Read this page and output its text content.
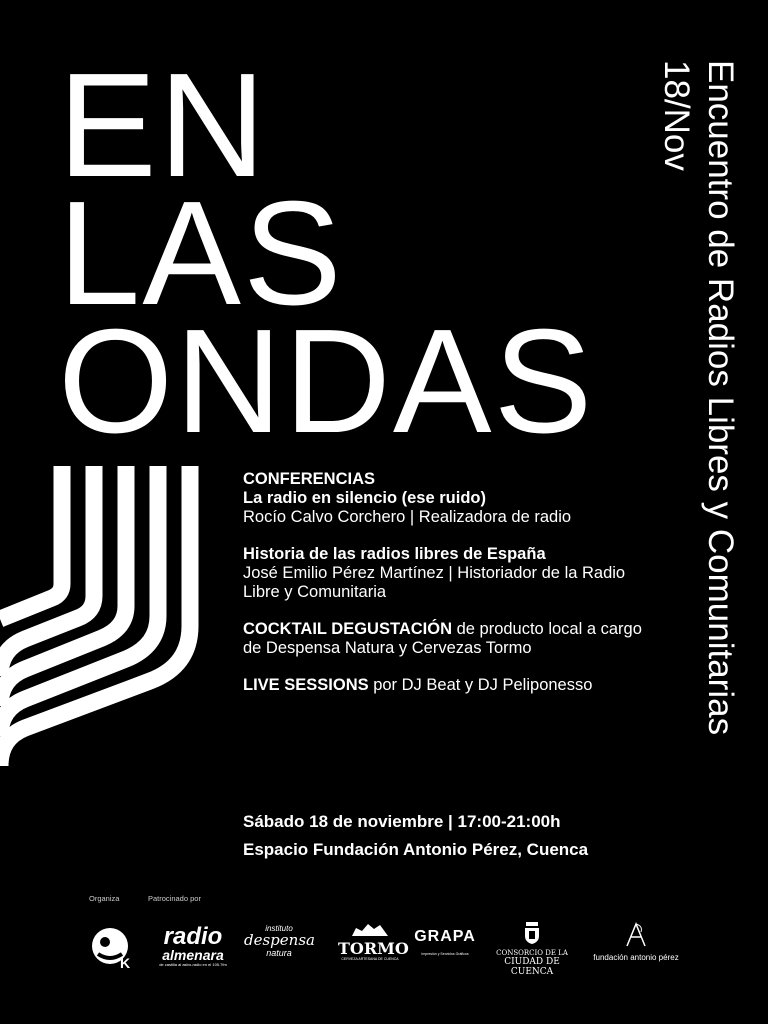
EN
LAS
ONDAS	Encuentro de Radios Libres y Comunitarias
18/Nov
CONFERENCIAS
La radio en silencio (ese ruido)
Rocío Calvo Corchero | Realizadora de radio
Historia de las radios libres de España
José Emilio Pérez Martínez | Historiador de la Radio Libre y Comunitaria
COCKTAIL DEGUSTACIÓN de producto local a cargo de Despensa Natura y Cervezas Tormo
LIVE SESSIONS por DJ Beat y DJ Peliponesso
Sábado 18 de noviembre | 17:00-21:00h
Espacio Fundación Antonio Pérez, Cuenca
Organiza	Patrocinado por
K
radio
almenara
de castilla al astro-radio en el 105.7fm
instituto
despensa
natura	TORMO
CERVEZA ARTESANA DE CUENCA
GRAPA
Impresión y Servicios Gráficos	CONSORCIO DE LA
CIUDAD DE CUENCA
fundación antonio pérez
